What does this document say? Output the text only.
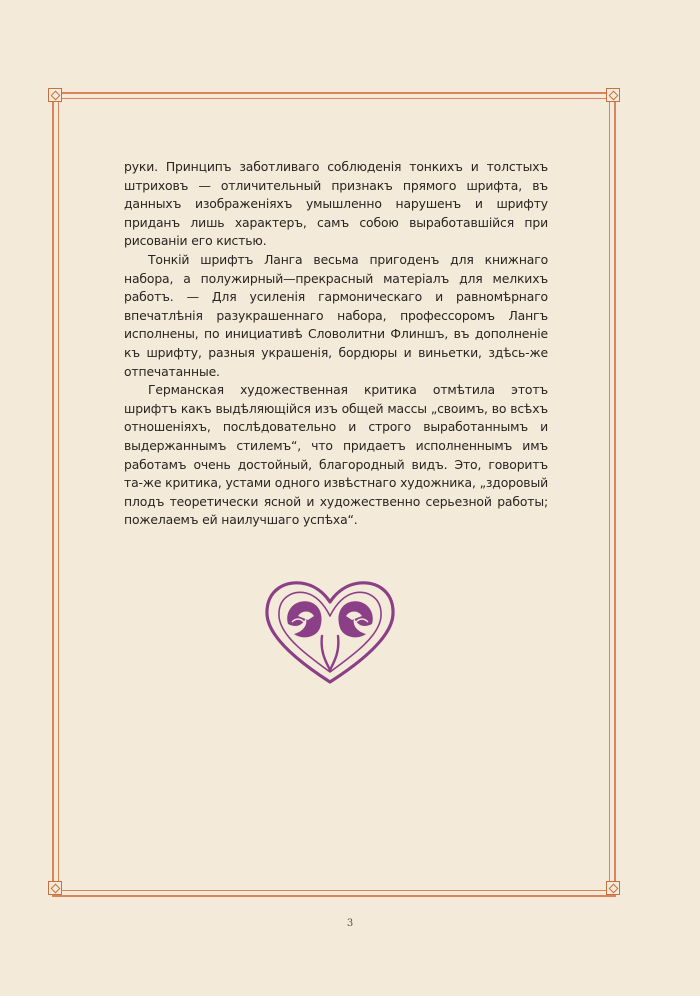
руки. Принципъ заботливаго соблюденія тонкихъ и толстыхъ штриховъ — отличительный признакъ прямого шрифта, въ данныхъ изображеніяхъ умышленно нарушенъ и шрифту приданъ лишь характеръ, самъ собою выработавшійся при рисованіи его кистью.

Тонкій шрифтъ Ланга весьма пригоденъ для книжнаго набора, а полужирный—прекрасный матеріалъ для мелкихъ работъ. — Для усиленія гармоническаго и равномѣрнаго впечатлѣнія разукрашеннаго набора, профессоромъ Лангъ исполнены, по инициативѣ Словолитни Флиншъ, въ дополненіе къ шрифту, разныя украшенія, бордюры и виньетки, здѣсь-же отпечатанные.

Германская художественная критика отмѣтила этотъ шрифтъ какъ выдѣляющійся изъ общей массы „своимъ, во всѣхъ отношеніяхъ, послѣдовательно и строго выработаннымъ и выдержаннымъ стилемъ“, что придаетъ исполненнымъ имъ работамъ очень достойный, благородный видъ. Это, говоритъ та-же критика, устами одного извѣстнаго художника, „здоровый плодъ теоретически ясной и художественно серьезной работы; пожелаемъ ей наилучшаго успѣха“.

3
